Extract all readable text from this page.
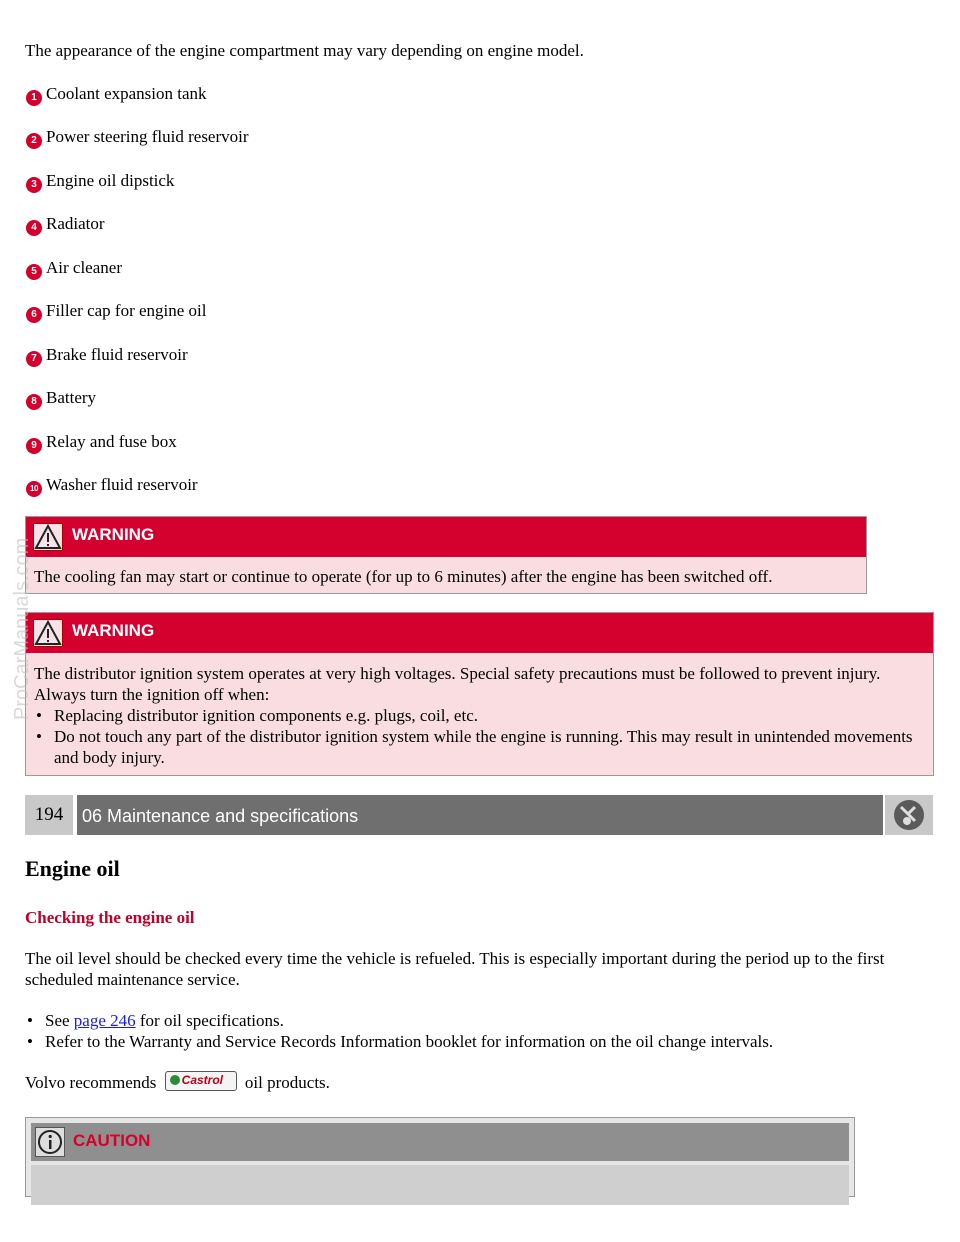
The appearance of the engine compartment may vary depending on engine model.
1 Coolant expansion tank
2 Power steering fluid reservoir
3 Engine oil dipstick
4 Radiator
5 Air cleaner
6 Filler cap for engine oil
7 Brake fluid reservoir
8 Battery
9 Relay and fuse box
10 Washer fluid reservoir
WARNING
The cooling fan may start or continue to operate (for up to 6 minutes) after the engine has been switched off.
WARNING
The distributor ignition system operates at very high voltages. Special safety precautions must be followed to prevent injury. Always turn the ignition off when:
• Replacing distributor ignition components e.g. plugs, coil, etc.
• Do not touch any part of the distributor ignition system while the engine is running. This may result in unintended movements and body injury.
194	06 Maintenance and specifications
Engine oil
Checking the engine oil
The oil level should be checked every time the vehicle is refueled. This is especially important during the period up to the first scheduled maintenance service.
• See page 246 for oil specifications.
• Refer to the Warranty and Service Records Information booklet for information on the oil change intervals.
Volvo recommends Castrol oil products.
CAUTION
ProCarManuals.com
